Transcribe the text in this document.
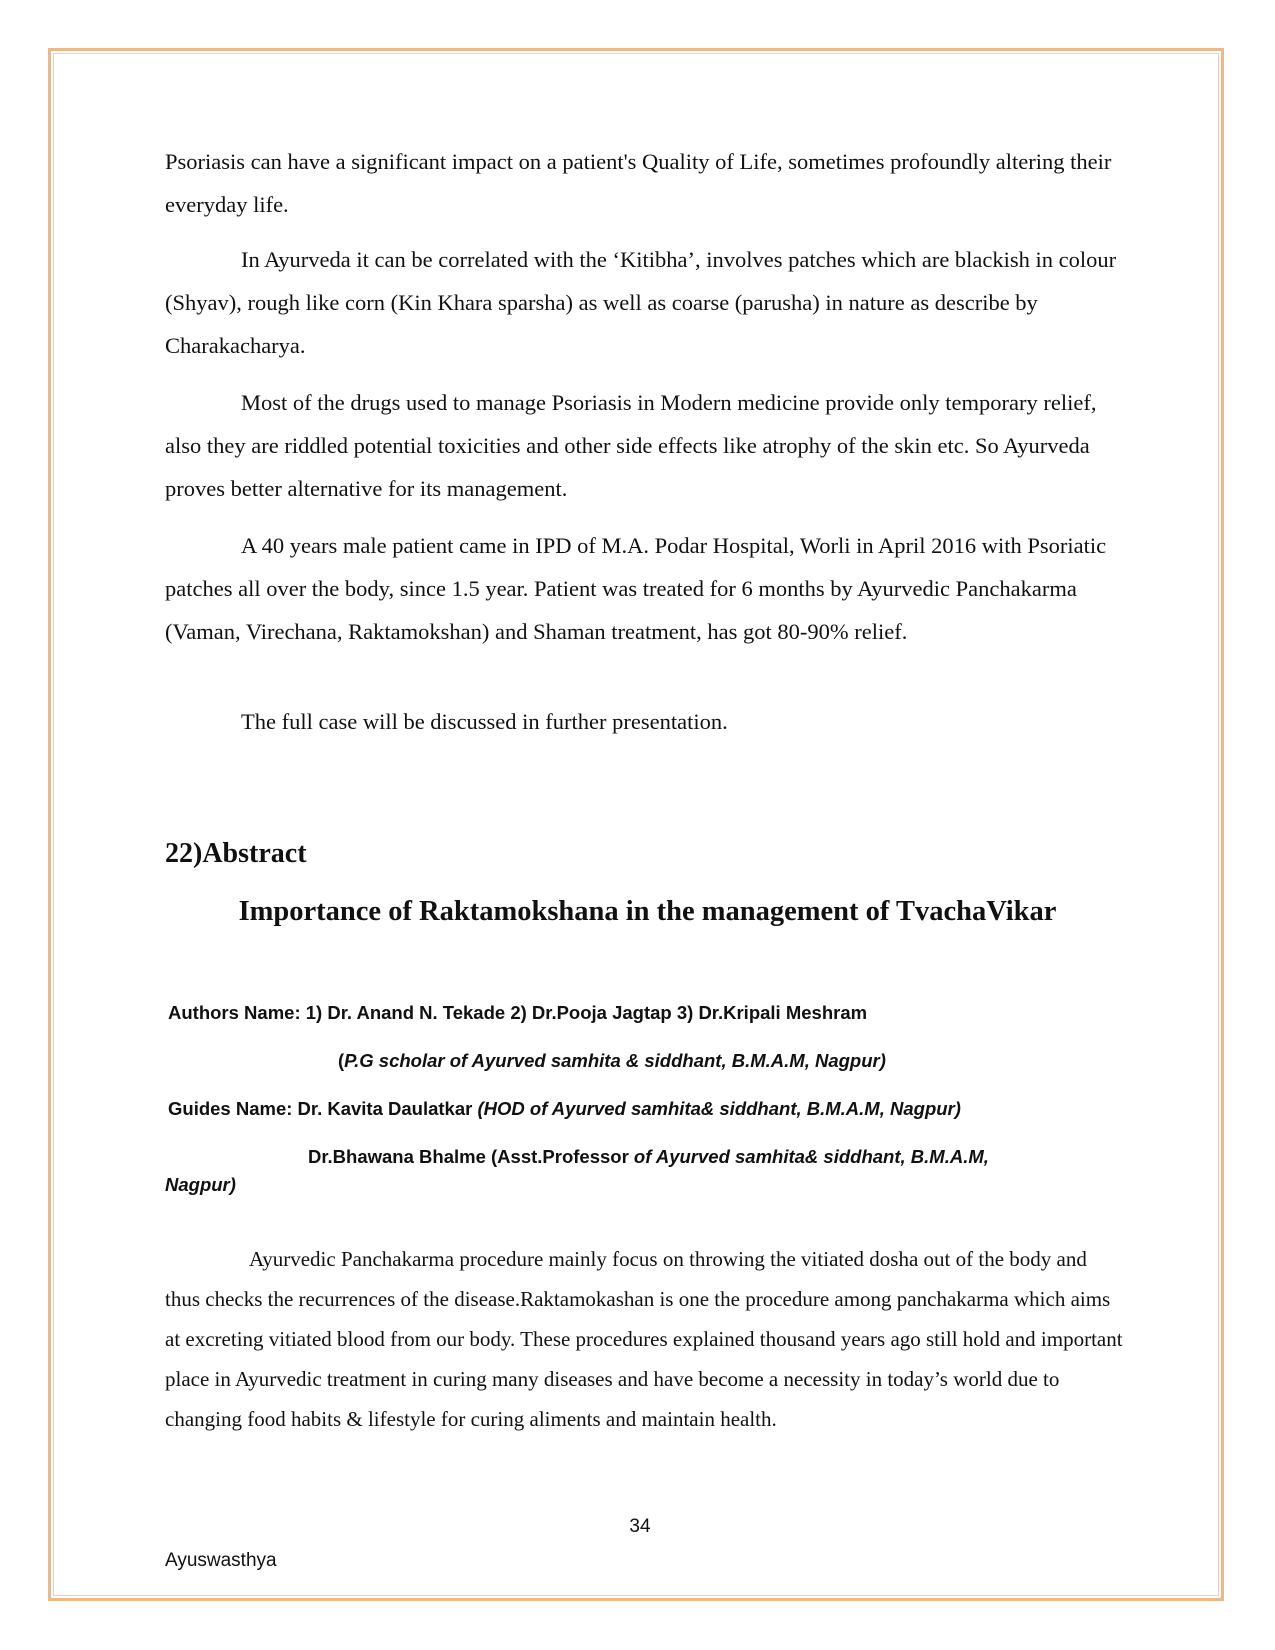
Psoriasis can have a significant impact on a patient's Quality of Life, sometimes profoundly altering their everyday life.

In Ayurveda it can be correlated with the ‘Kitibha’, involves patches which are blackish in colour (Shyav), rough like corn (Kin Khara sparsha) as well as coarse (parusha) in nature as describe by Charakacharya.

Most of the drugs used to manage Psoriasis in Modern medicine provide only temporary relief, also they are riddled potential toxicities and other side effects like atrophy of the skin etc. So Ayurveda proves better alternative for its management.

A 40 years male patient came in IPD of M.A. Podar Hospital, Worli in April 2016 with Psoriatic patches all over the body, since 1.5 year. Patient was treated for 6 months by Ayurvedic Panchakarma (Vaman, Virechana, Raktamokshan) and Shaman treatment, has got 80-90% relief.

The full case will be discussed in further presentation.

22)Abstract
Importance of Raktamokshana in the management of TvachaVikar

Authors Name: 1) Dr. Anand N. Tekade 2) Dr.Pooja Jagtap 3) Dr.Kripali Meshram

(P.G scholar of Ayurved samhita & siddhant, B.M.A.M, Nagpur)

Guides Name: Dr. Kavita Daulatkar (HOD of Ayurved samhita& siddhant, B.M.A.M, Nagpur)

Dr.Bhawana Bhalme (Asst.Professor of Ayurved samhita& siddhant, B.M.A.M,

Nagpur)

Ayurvedic Panchakarma procedure mainly focus on throwing the vitiated dosha out of the body and thus checks the recurrences of the disease.Raktamokashan is one the procedure among panchakarma which aims at excreting vitiated blood from our body. These procedures explained thousand years ago still hold and important place in Ayurvedic treatment in curing many diseases and have become a necessity in today’s world due to changing food habits & lifestyle for curing aliments and maintain health.

34

Ayuswasthya
